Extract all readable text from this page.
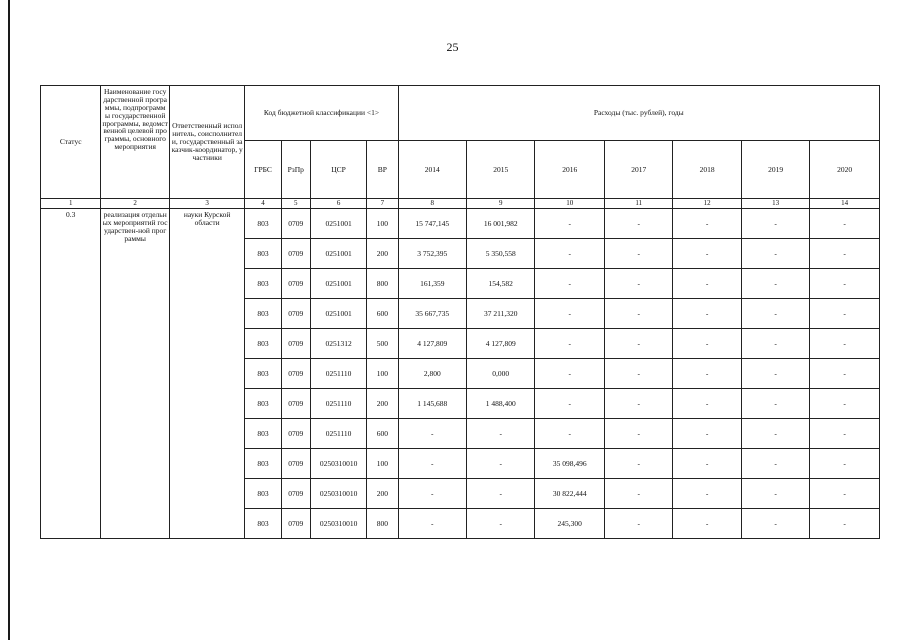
25
Статус	Наименование государственной программы, подпрограммы государственной программы, ведомственной целевой программы, основного мероприятия	Ответственный исполнитель, соисполнители, государственный заказчик-координатор, участники	Код бюджетной классификации <1>				Расходы (тыс. рублей), годы						
			ГРБС	РзПр	ЦСР	ВР	2014	2015	2016	2017	2018	2019	2020
1	2	3	4	5	6	7	8	9	10	11	12	13	14
0.3	реализация отдельных мероприятий государствен-ной программы	науки Курской области	803	0709	0251001	100	15 747,145	16 001,982	-	-	-	-	-
			803	0709	0251001	200	3 752,395	5 350,558	-	-	-	-	-
			803	0709	0251001	800	161,359	154,582	-	-	-	-	-
			803	0709	0251001	600	35 667,735	37 211,320	-	-	-	-	-
			803	0709	0251312	500	4 127,809	4 127,809	-	-	-	-	-
			803	0709	0251110	100	2,800	0,000	-	-	-	-	-
			803	0709	0251110	200	1 145,688	1 488,400	-	-	-	-	-
			803	0709	0251110	600	-	-	-	-	-	-	-
			803	0709	0250310010	100	-	-	35 098,496	-	-	-	-
			803	0709	0250310010	200	-	-	30 822,444	-	-	-	-
			803	0709	0250310010	800	-	-	245,300	-	-	-	-
